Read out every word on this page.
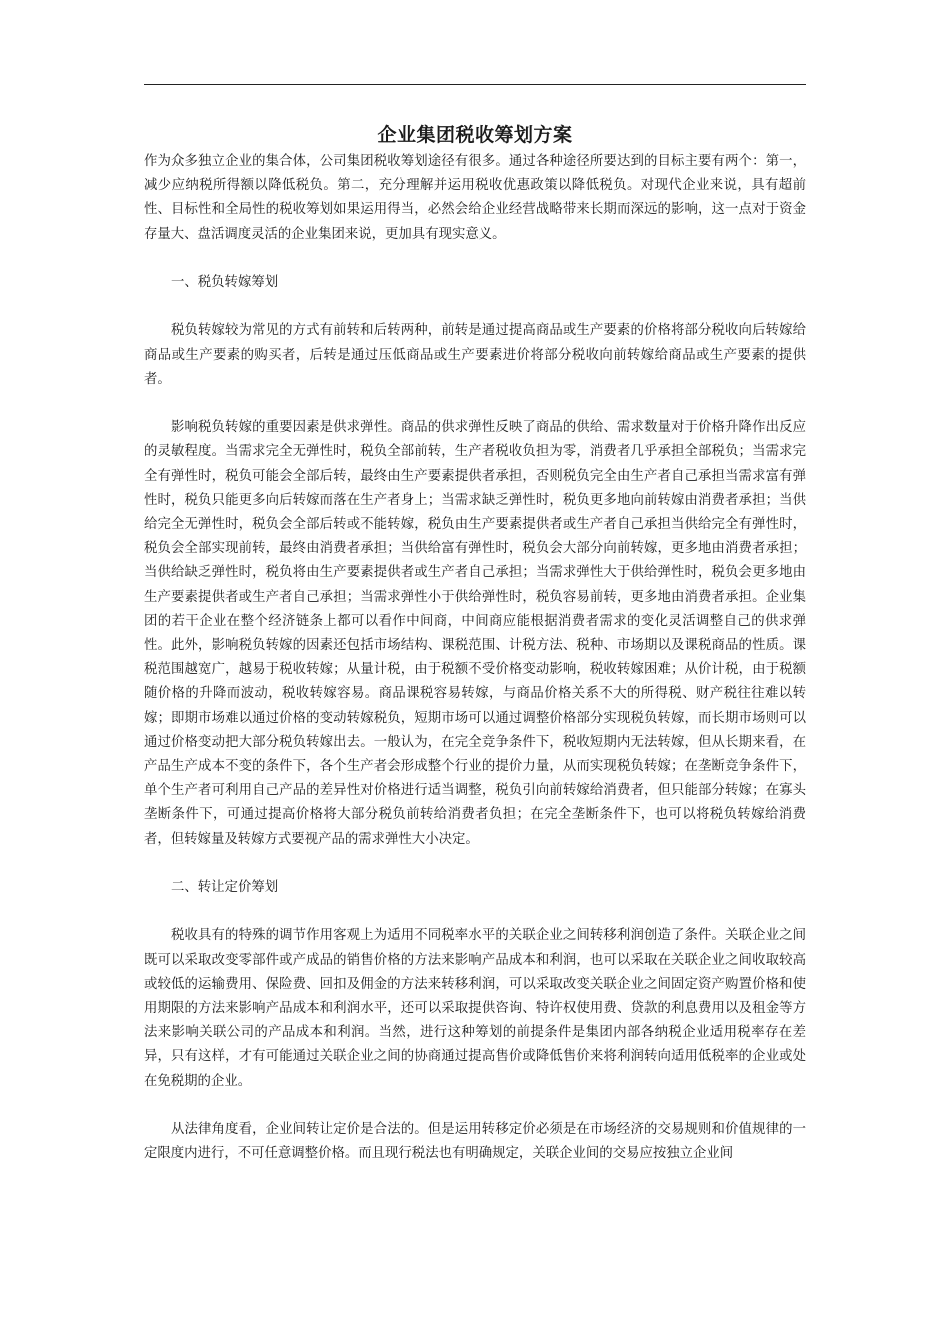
企业集团税收筹划方案

作为众多独立企业的集合体，公司集团税收筹划途径有很多。通过各种途径所要达到的目标主要有两个：第一，减少应纳税所得额以降低税负。第二，充分理解并运用税收优惠政策以降低税负。对现代企业来说，具有超前性、目标性和全局性的税收筹划如果运用得当，必然会给企业经营战略带来长期而深远的影响，这一点对于资金存量大、盘活调度灵活的企业集团来说，更加具有现实意义。

一、税负转嫁筹划

税负转嫁较为常见的方式有前转和后转两种，前转是通过提高商品或生产要素的价格将部分税收向后转嫁给商品或生产要素的购买者，后转是通过压低商品或生产要素进价将部分税收向前转嫁给商品或生产要素的提供者。

影响税负转嫁的重要因素是供求弹性。商品的供求弹性反映了商品的供给、需求数量对于价格升降作出反应的灵敏程度。当需求完全无弹性时，税负全部前转，生产者税收负担为零，消费者几乎承担全部税负；当需求完全有弹性时，税负可能会全部后转，最终由生产要素提供者承担，否则税负完全由生产者自己承担当需求富有弹性时，税负只能更多向后转嫁而落在生产者身上；当需求缺乏弹性时，税负更多地向前转嫁由消费者承担；当供给完全无弹性时，税负会全部后转或不能转嫁，税负由生产要素提供者或生产者自己承担当供给完全有弹性时，税负会全部实现前转，最终由消费者承担；当供给富有弹性时，税负会大部分向前转嫁，更多地由消费者承担；当供给缺乏弹性时，税负将由生产要素提供者或生产者自己承担；当需求弹性大于供给弹性时，税负会更多地由生产要素提供者或生产者自己承担；当需求弹性小于供给弹性时，税负容易前转，更多地由消费者承担。企业集团的若干企业在整个经济链条上都可以看作中间商，中间商应能根据消费者需求的变化灵活调整自己的供求弹性。此外，影响税负转嫁的因素还包括市场结构、课税范围、计税方法、税种、市场期以及课税商品的性质。课税范围越宽广，越易于税收转嫁；从量计税，由于税额不受价格变动影响，税收转嫁困难；从价计税，由于税额随价格的升降而波动，税收转嫁容易。商品课税容易转嫁，与商品价格关系不大的所得税、财产税往往难以转嫁；即期市场难以通过价格的变动转嫁税负，短期市场可以通过调整价格部分实现税负转嫁，而长期市场则可以通过价格变动把大部分税负转嫁出去。一般认为，在完全竞争条件下，税收短期内无法转嫁，但从长期来看，在产品生产成本不变的条件下，各个生产者会形成整个行业的提价力量，从而实现税负转嫁；在垄断竞争条件下，单个生产者可利用自己产品的差异性对价格进行适当调整，税负引向前转嫁给消费者，但只能部分转嫁；在寡头垄断条件下，可通过提高价格将大部分税负前转给消费者负担；在完全垄断条件下，也可以将税负转嫁给消费者，但转嫁量及转嫁方式要视产品的需求弹性大小决定。

二、转让定价筹划

税收具有的特殊的调节作用客观上为适用不同税率水平的关联企业之间转移利润创造了条件。关联企业之间既可以采取改变零部件或产成品的销售价格的方法来影响产品成本和利润，也可以采取在关联企业之间收取较高或较低的运输费用、保险费、回扣及佣金的方法来转移利润，可以采取改变关联企业之间固定资产购置价格和使用期限的方法来影响产品成本和利润水平，还可以采取提供咨询、特许权使用费、贷款的利息费用以及租金等方法来影响关联公司的产品成本和利润。当然，进行这种筹划的前提条件是集团内部各纳税企业适用税率存在差异，只有这样，才有可能通过关联企业之间的协商通过提高售价或降低售价来将利润转向适用低税率的企业或处在免税期的企业。

从法律角度看，企业间转让定价是合法的。但是运用转移定价必须是在市场经济的交易规则和价值规律的一定限度内进行，不可任意调整价格。而且现行税法也有明确规定，关联企业间的交易应按独立企业间
